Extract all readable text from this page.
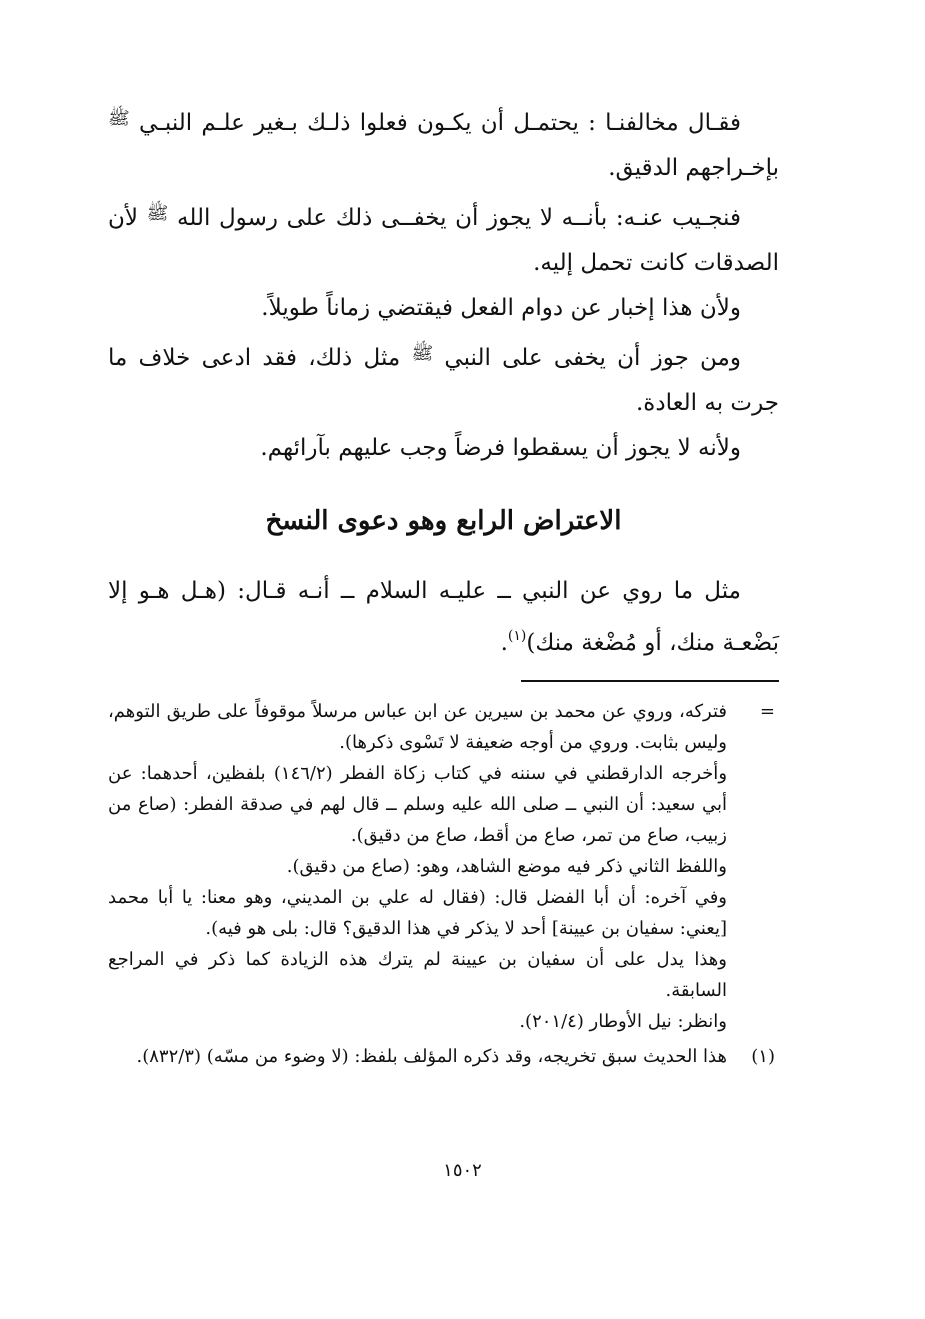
فقـال مخالفنـا : يحتمـل أن يكـون فعلوا ذلـك بـغير علـم النبـي $^ﷺ$ بإخـراجهم الدقيق.

فنجـيب عنـه: بأنــه لا يجوز أن يخفــى ذلك على رسول الله $^ﷺ$ لأن الصدقات كانت تحمل إليه.

ولأن هذا إخبار عن دوام الفعل فيقتضي زماناً طويلاً.

ومن جوز أن يخفى على النبي $^ﷺ$ مثل ذلك، فقد ادعى خلاف ما جرت به العادة.

ولأنه لا يجوز أن يسقطوا فرضاً وجب عليهم بآرائهم.

الاعتراض الرابع وهو دعوى النسخ

مثل ما روي عن النبي ــ عليـه السلام ــ أنـه قـال: (هـل هـو إلا بَضْعـة منك، أو مُضْغة منك)$^{(١)}$.

=

فتركه، وروي عن محمد بن سيرين عن ابن عباس مرسلاً موقوفاً على طريق التوهم، وليس بثابت. وروي من أوجه ضعيفة لا تَسْوى ذكرها).

وأخرجه الدارقطني في سننه في كتاب زكاة الفطر (١٤٦/٢) بلفظين، أحدهما: عن أبي سعيد: أن النبي ــ صلى الله عليه وسلم ــ قال لهم في صدقة الفطر: (صاع من زبيب، صاع من تمر، صاع من أقط، صاع من دقيق).

واللفظ الثاني ذكر فيه موضع الشاهد، وهو: (صاع من دقيق).

وفي آخره: أن أبا الفضل قال: (فقال له علي بن المديني، وهو معنا: يا أبا محمد [يعني: سفيان بن عيينة] أحد لا يذكر في هذا الدقيق؟ قال: بلى هو فيه).

وهذا يدل على أن سفيان بن عيينة لم يترك هذه الزيادة كما ذكر في المراجع السابقة.

وانظر: نيل الأوطار (٢٠١/٤).

(١)

هذا الحديث سبق تخريجه، وقد ذكره المؤلف بلفظ: (لا وضوء من مسّه) (٨٣٢/٣).

١٥٠٢
